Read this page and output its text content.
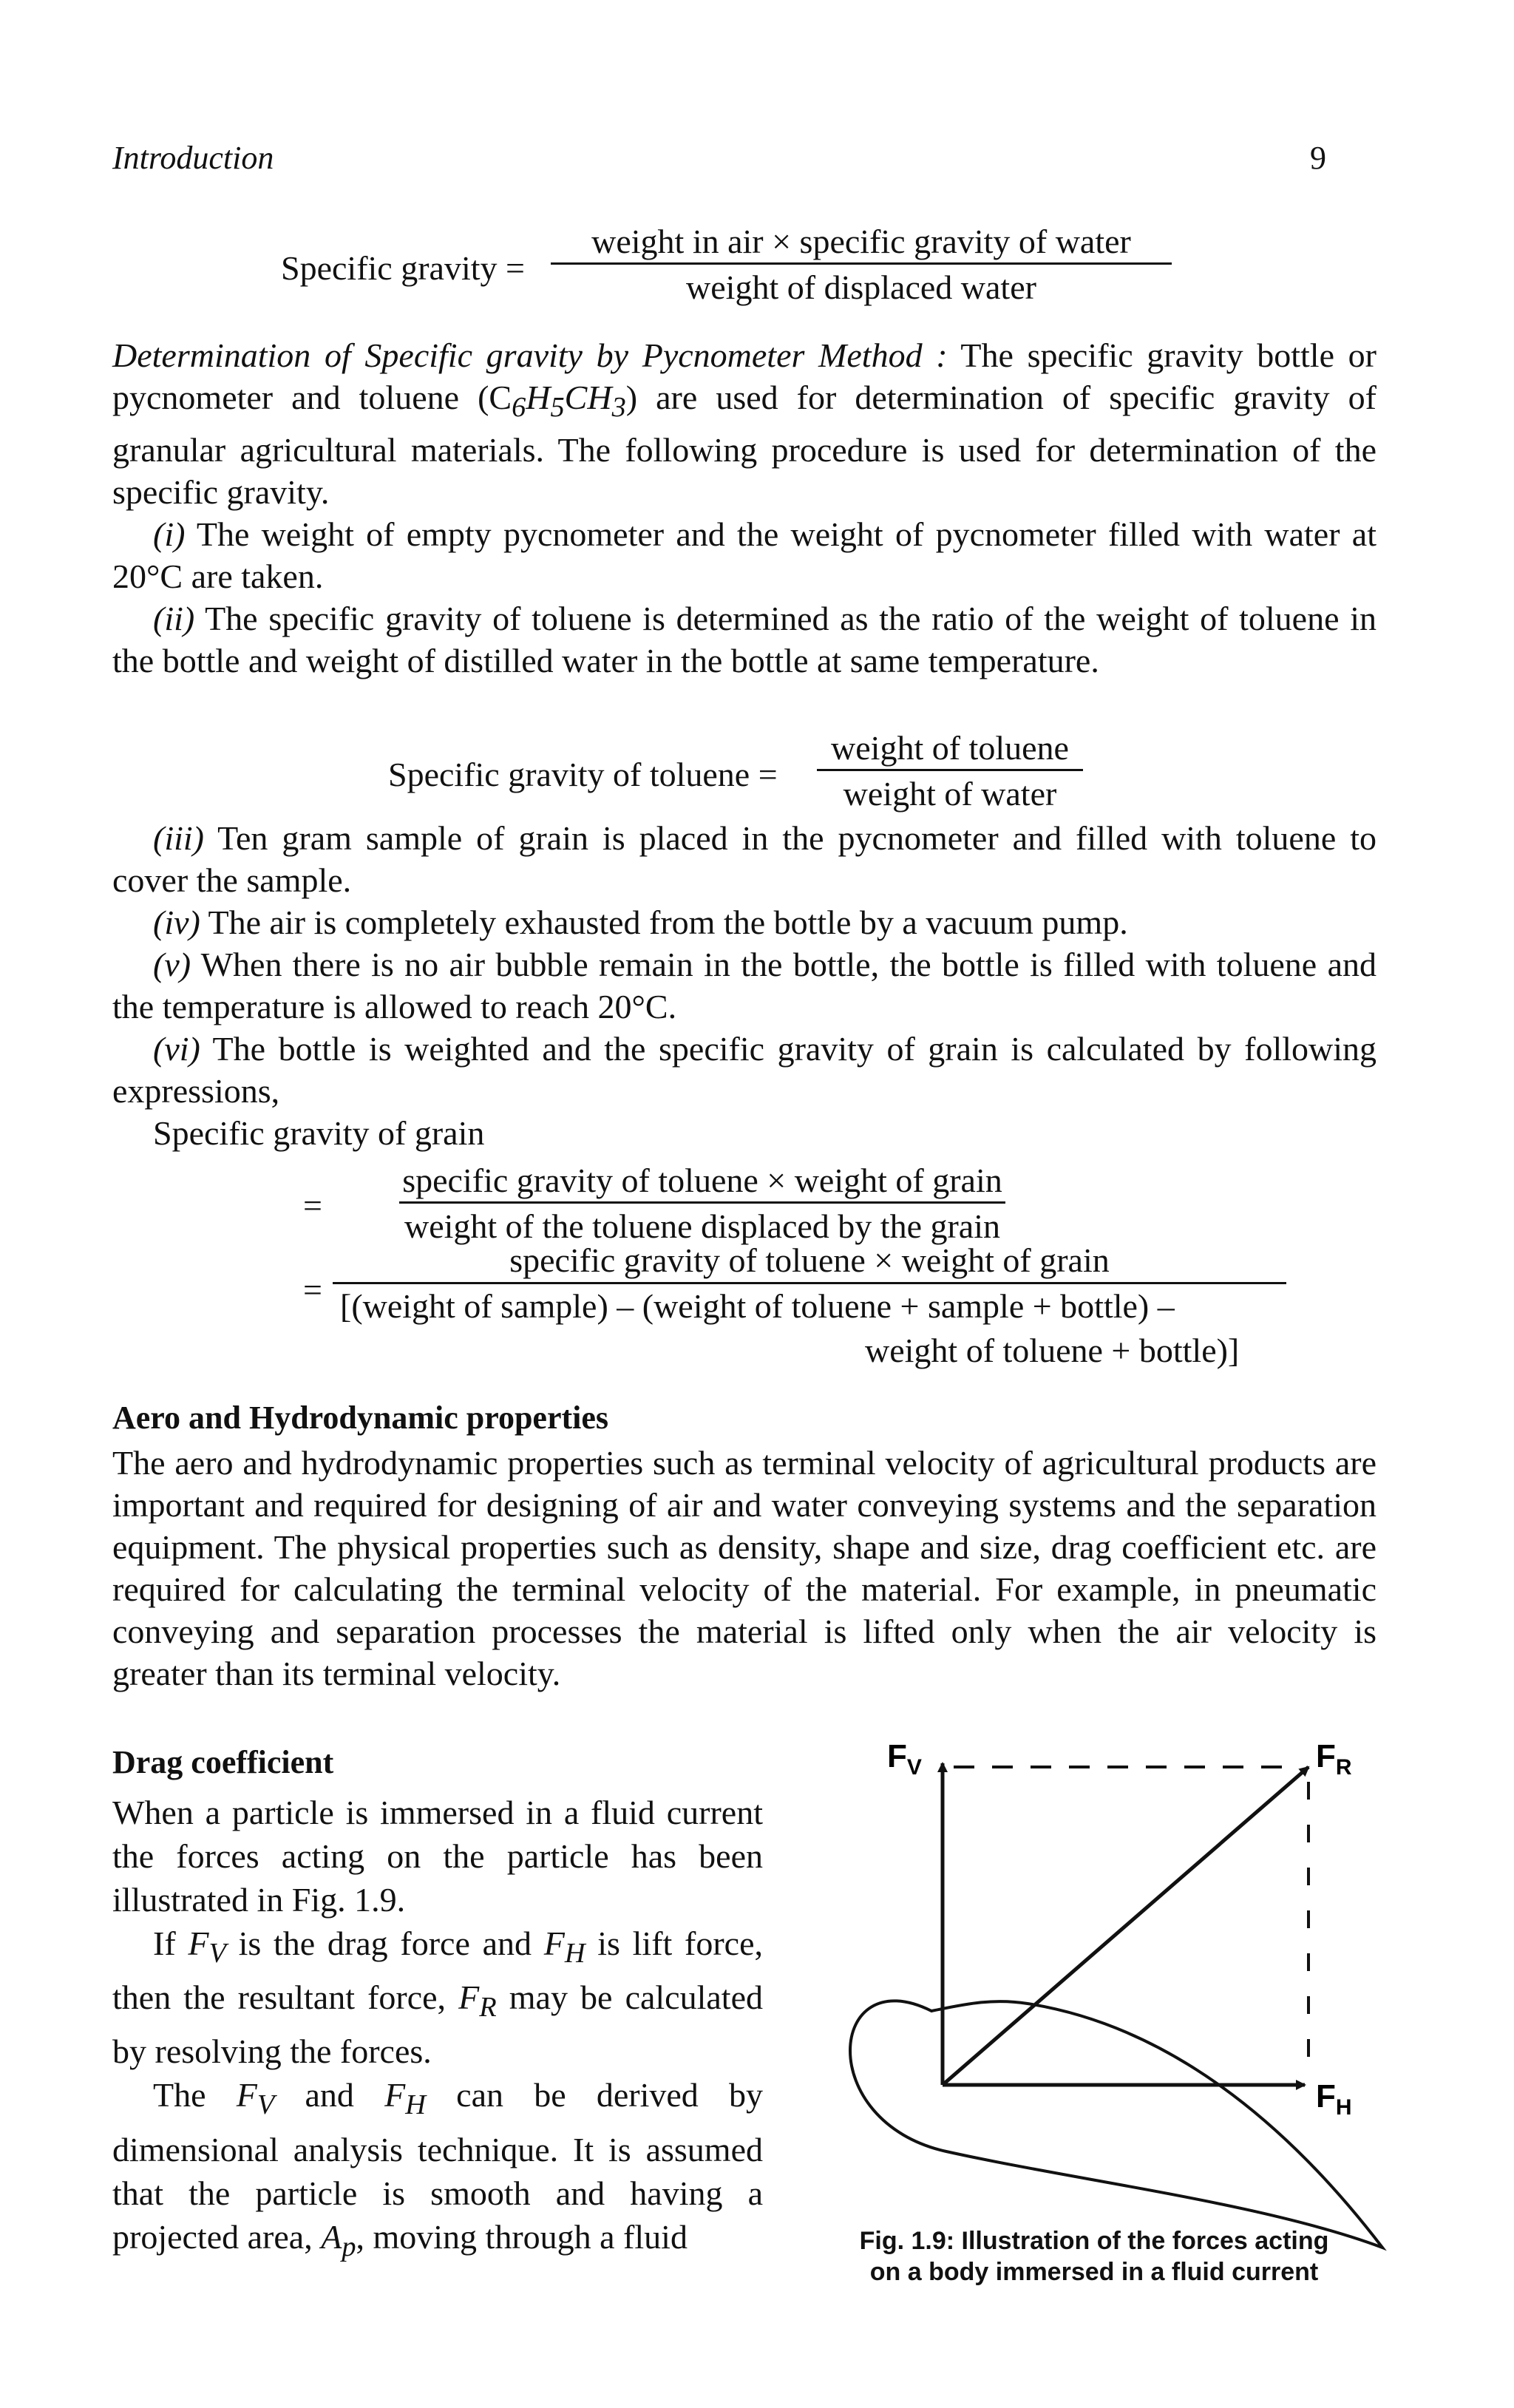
Introduction	9
Specific gravity =
weight in air × specific gravity of water
weight of displaced water

Determination of Specific gravity by Pycnometer Method : The specific gravity bottle or pycnometer and toluene $(C_6H_5CH_3)$ are used for determination of specific gravity of granular agricultural materials. The following procedure is used for determination of the specific gravity.

(i) The weight of empty pycnometer and the weight of pycnometer filled with water at 20°C are taken.

(ii) The specific gravity of toluene is determined as the ratio of the weight of toluene in the bottle and weight of distilled water in the bottle at same temperature.

Specific gravity of toluene =
weight of toluene
weight of water

(iii) Ten gram sample of grain is placed in the pycnometer and filled with toluene to cover the sample.

(iv) The air is completely exhausted from the bottle by a vacuum pump.

(v) When there is no air bubble remain in the bottle, the bottle is filled with toluene and the temperature is allowed to reach 20°C.

(vi) The bottle is weighted and the specific gravity of grain is calculated by following expressions,

Specific gravity of grain

=
specific gravity of toluene × weight of grain
weight of the toluene displaced by the grain
=
specific gravity of toluene × weight of grain
[(weight of sample) – (weight of toluene + sample + bottle) –
weight of toluene + bottle)]
Aero and Hydrodynamic properties

The aero and hydrodynamic properties such as terminal velocity of agricultural products are important and required for designing of air and water conveying systems and the separation equipment. The physical properties such as density, shape and size, drag coefficient etc. are required for calculating the terminal velocity of the material. For example, in pneumatic conveying and separation processes the material is lifted only when the air velocity is greater than its terminal velocity.

Drag coefficient

When a particle is immersed in a fluid current the forces acting on the particle has been illustrated in Fig. 1.9.

If $F_V$ is the drag force and $F_H$ is lift force, then the resultant force, $F_R$ may be calculated by resolving the forces.

The $F_V$ and $F_H$ can be derived by dimensional analysis technique. It is assumed that the particle is smooth and having a projected area, $A_p$, moving through a fluid

$F_V$	$F_R$
$F_H$
Fig. 1.9: Illustration of the forces acting
on a body immersed in a fluid current
